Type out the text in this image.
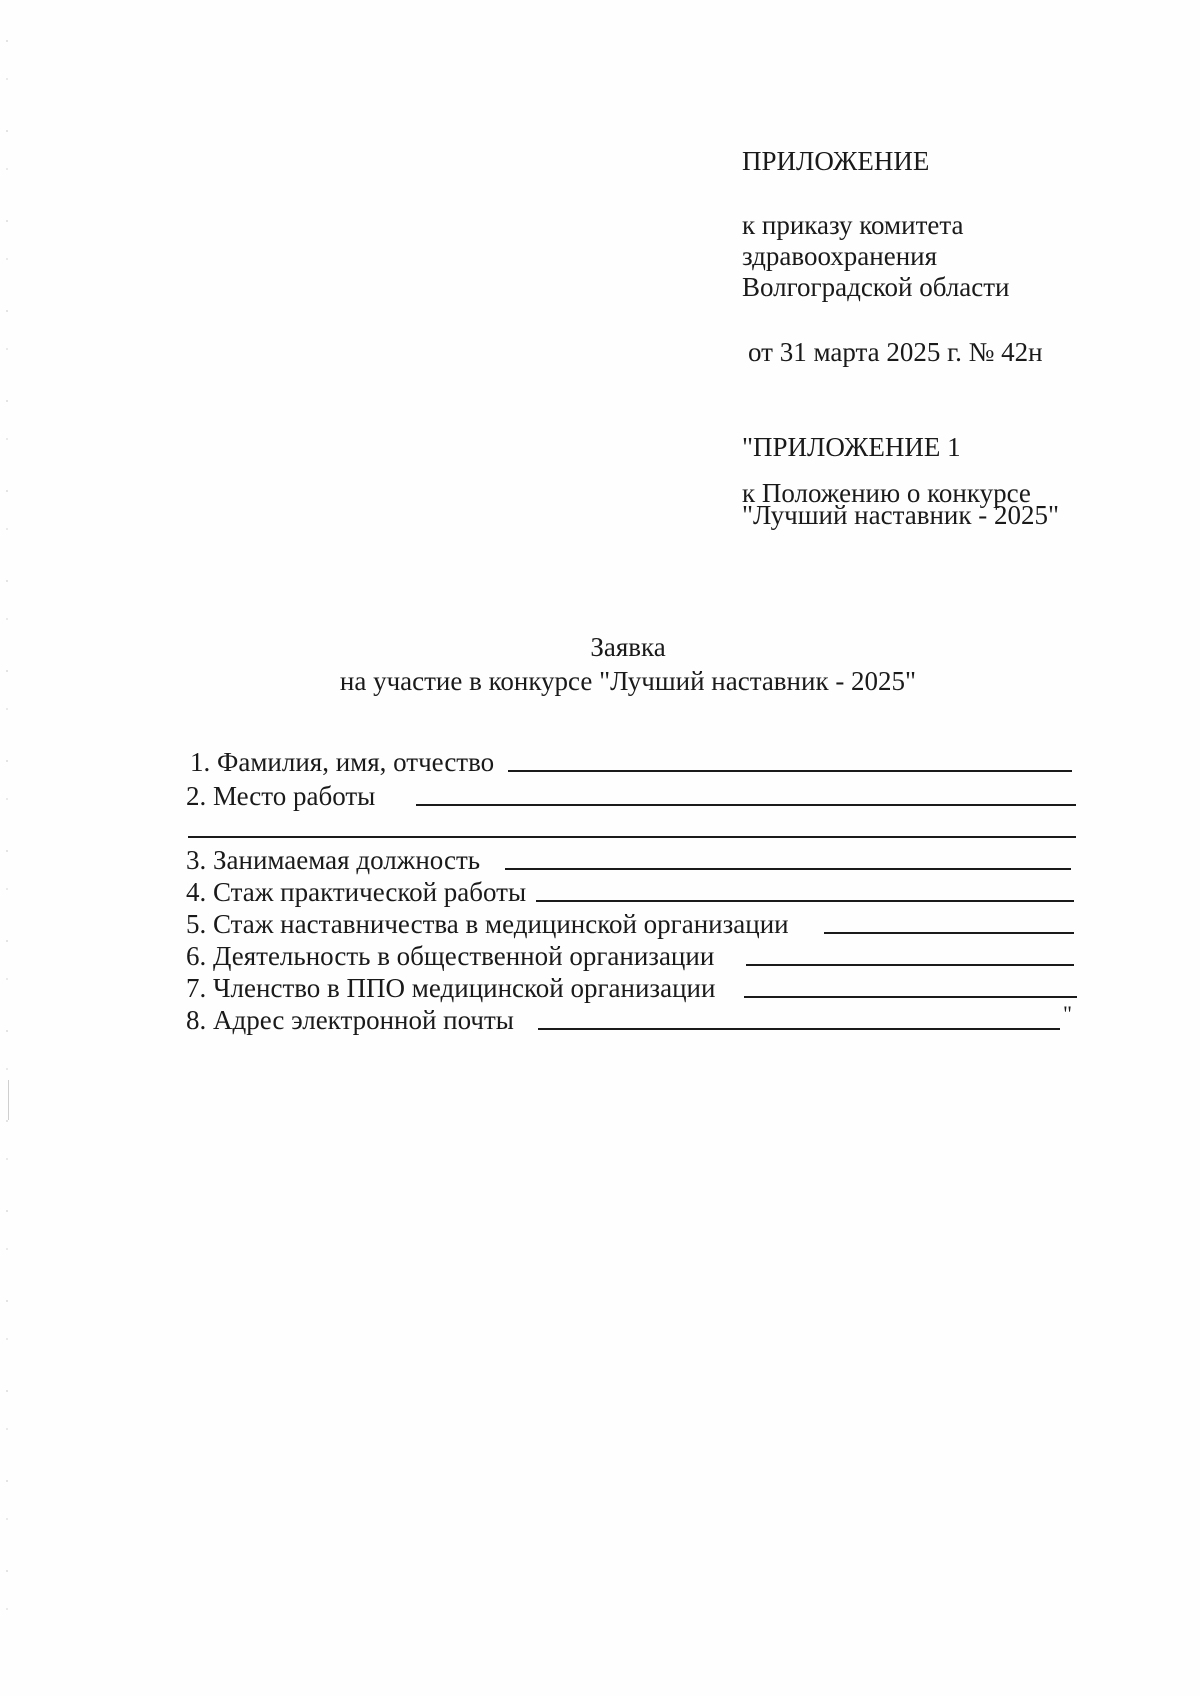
ПРИЛОЖЕНИЕ

к приказу комитета

здравоохранения

Волгоградской области

от 31 марта 2025 г. № 42н

"ПРИЛОЖЕНИЕ 1

к Положению о конкурсе

"Лучший наставник - 2025"

Заявка

на участие в конкурсе "Лучший наставник - 2025"

1. Фамилия, имя, отчество
2. Место работы
3. Занимаемая должность
4. Стаж практической работы
5. Стаж наставничества в медицинской организации
6. Деятельность в общественной организации
7. Членство в ППО медицинской организации
8. Адрес электронной почты	"
